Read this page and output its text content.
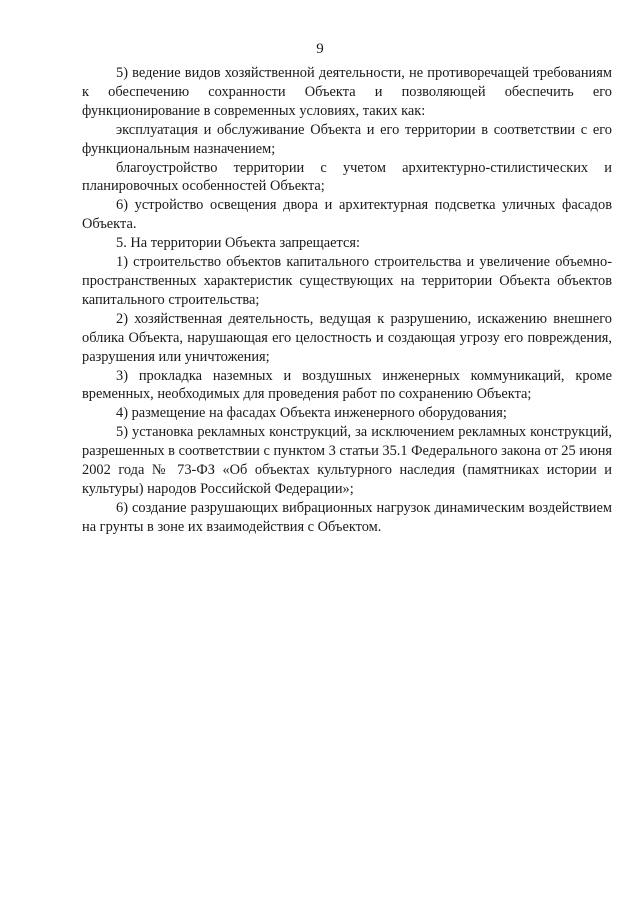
9

5) ведение видов хозяйственной деятельности, не противоречащей требованиям к обеспечению сохранности Объекта и позволяющей обеспечить его функционирование в современных условиях, таких как:

эксплуатация и обслуживание Объекта и его территории в соответствии с его функциональным назначением;

благоустройство территории с учетом архитектурно-стилистических и планировочных особенностей Объекта;

6) устройство освещения двора и архитектурная подсветка уличных фасадов Объекта.

5. На территории Объекта запрещается:

1) строительство объектов капитального строительства и увеличение объемно-пространственных характеристик существующих на территории Объекта объектов капитального строительства;

2) хозяйственная деятельность, ведущая к разрушению, искажению внешнего облика Объекта, нарушающая его целостность и создающая угрозу его повреждения, разрушения или уничтожения;

3) прокладка наземных и воздушных инженерных коммуникаций, кроме временных, необходимых для проведения работ по сохранению Объекта;

4) размещение на фасадах Объекта инженерного оборудования;

5) установка рекламных конструкций, за исключением рекламных конструкций, разрешенных в соответствии с пунктом 3 статьи 35.1 Федерального закона от 25 июня 2002 года № 73-ФЗ «Об объектах культурного наследия (памятниках истории и культуры) народов Российской Федерации»;

6) создание разрушающих вибрационных нагрузок динамическим воздействием на грунты в зоне их взаимодействия с Объектом.
